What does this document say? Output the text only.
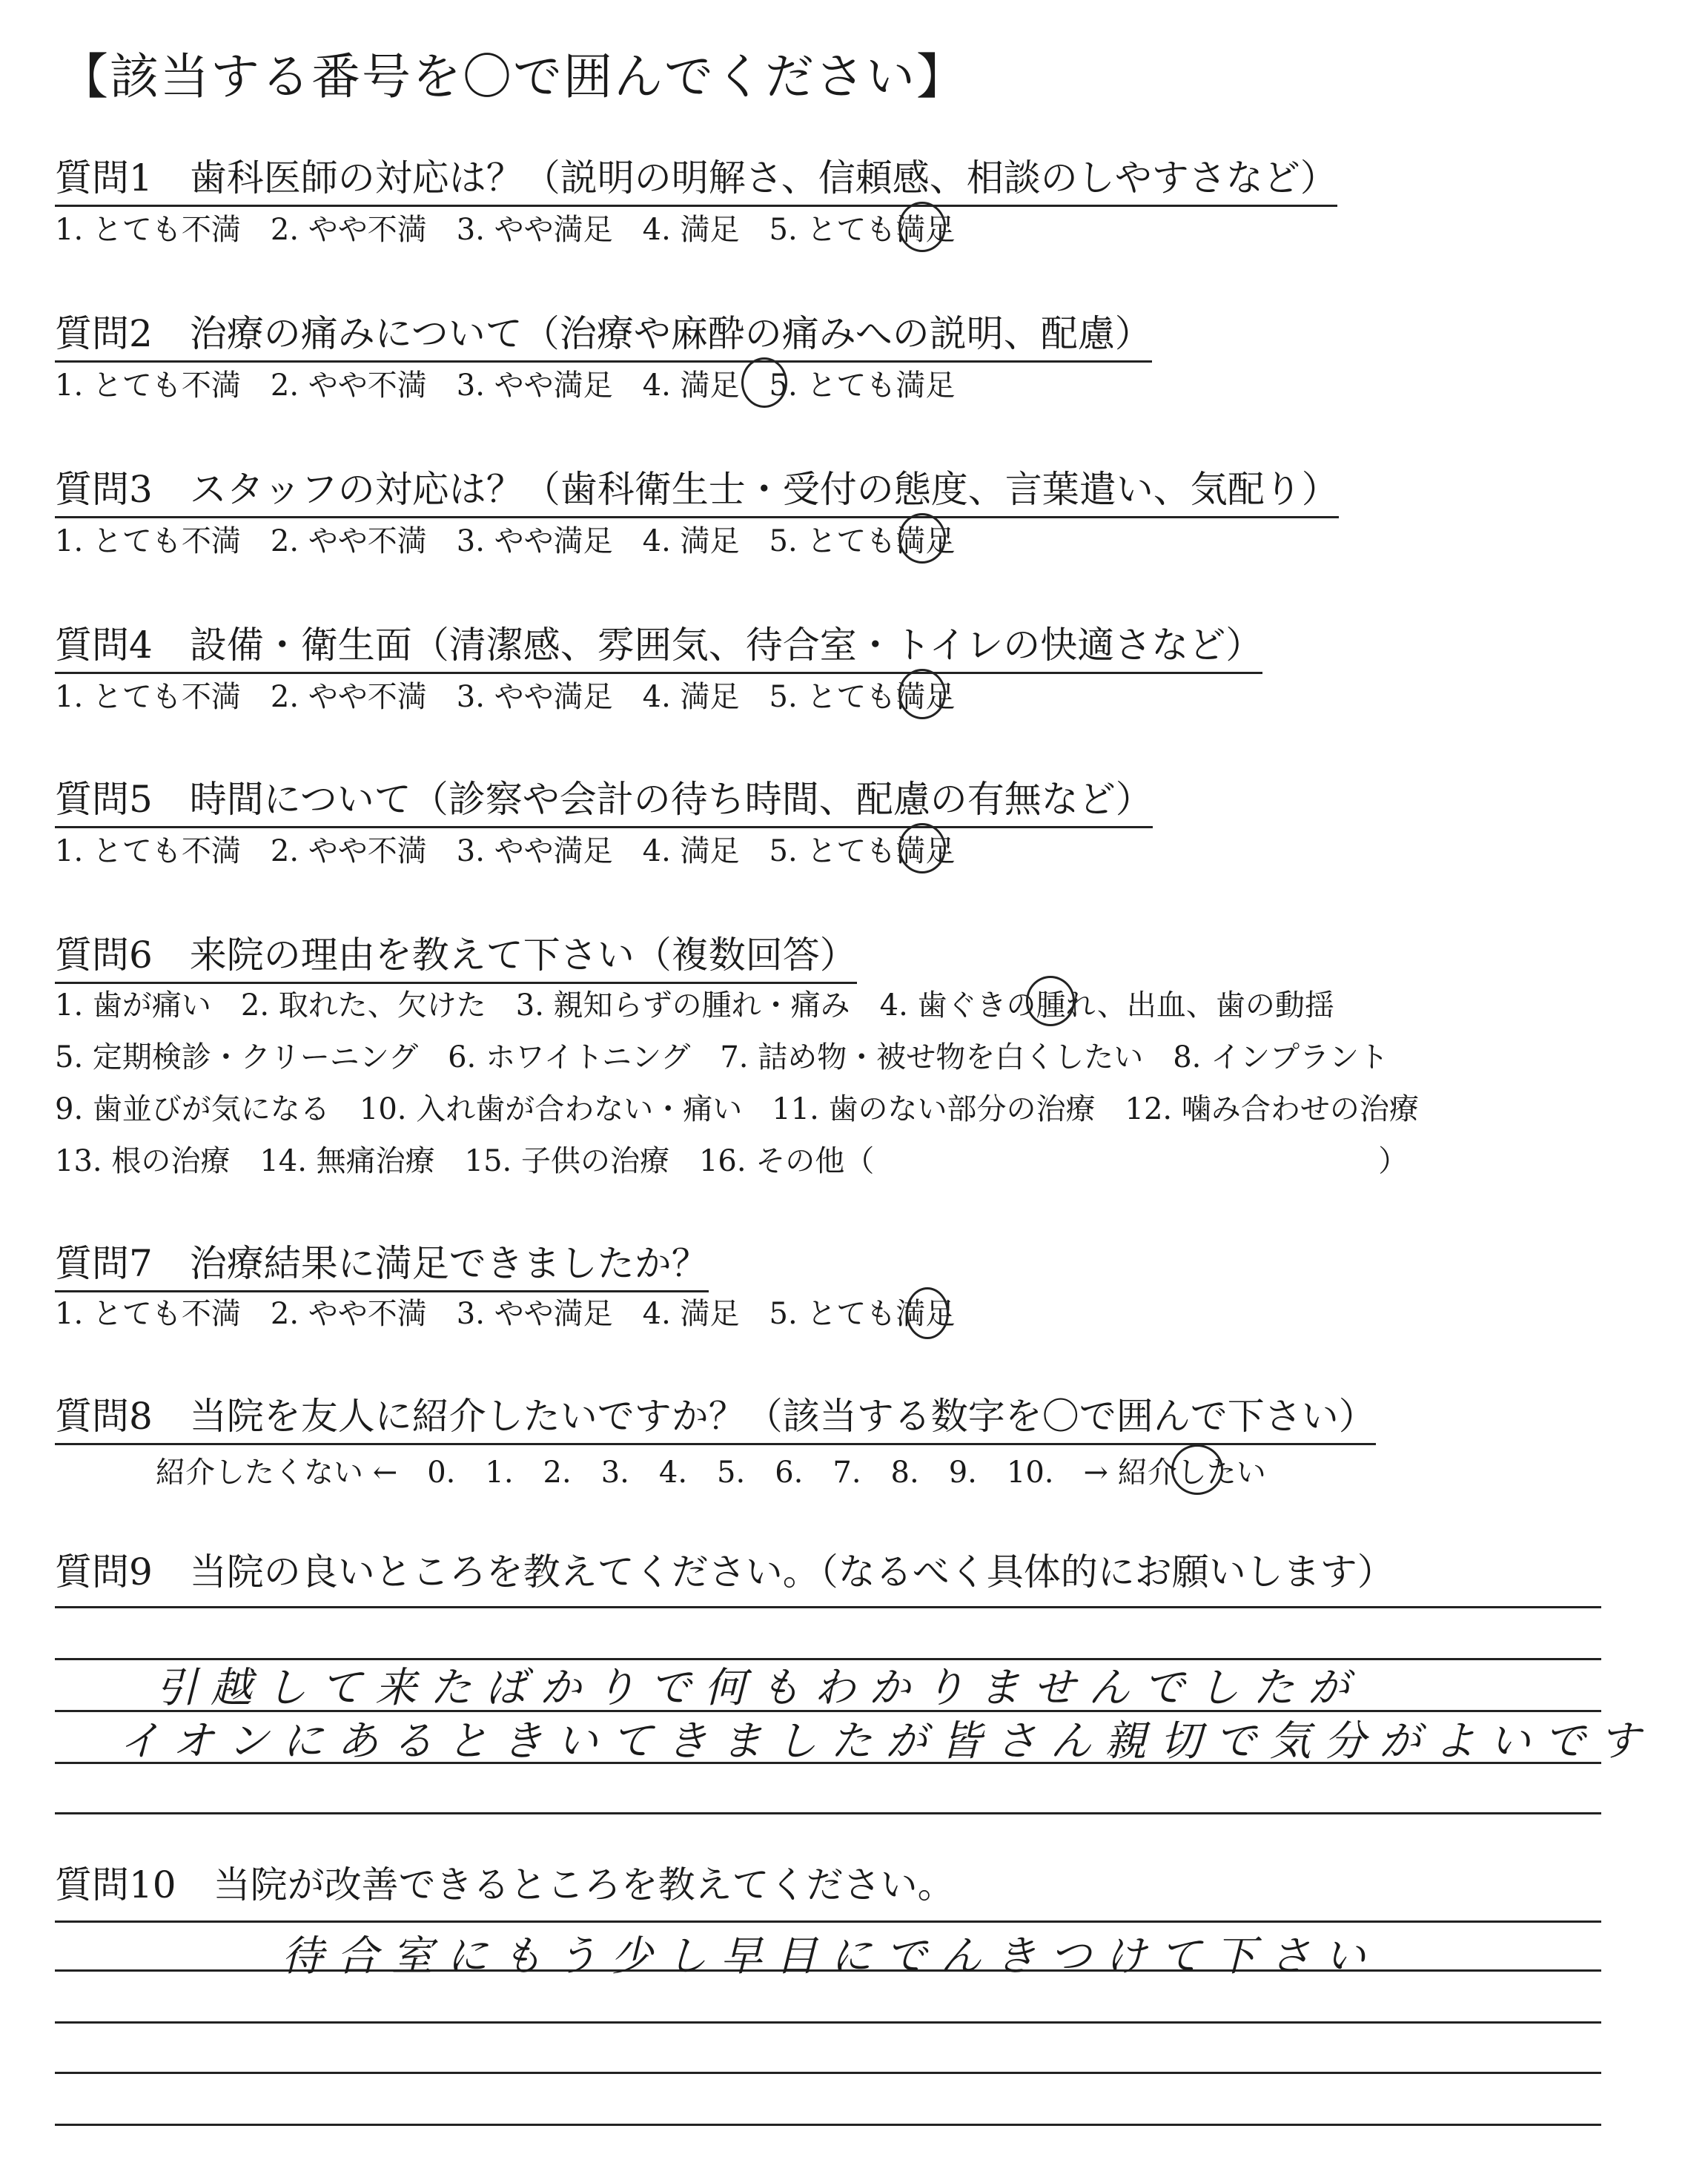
【該当する番号を〇で囲んでください】
質問1　歯科医師の対応は？（説明の明解さ、信頼感、相談のしやすさなど）
1. とても不満　2. やや不満　3. やや満足　4. 満足　5. とても満足
質問2　治療の痛みについて（治療や麻酔の痛みへの説明、配慮）
1. とても不満　2. やや不満　3. やや満足　4. 満足　5. とても満足
質問3　スタッフの対応は？（歯科衛生士・受付の態度、言葉遣い、気配り）
1. とても不満　2. やや不満　3. やや満足　4. 満足　5. とても満足
質問4　設備・衛生面（清潔感、雰囲気、待合室・トイレの快適さなど）
1. とても不満　2. やや不満　3. やや満足　4. 満足　5. とても満足
質問5　時間について（診察や会計の待ち時間、配慮の有無など）
1. とても不満　2. やや不満　3. やや満足　4. 満足　5. とても満足
質問6　来院の理由を教えて下さい（複数回答）
1. 歯が痛い　2. 取れた、欠けた　3. 親知らずの腫れ・痛み　4. 歯ぐきの腫れ、出血、歯の動揺
5. 定期検診・クリーニング　6. ホワイトニング　7. 詰め物・被せ物を白くしたい　8. インプラント
9. 歯並びが気になる　10. 入れ歯が合わない・痛い　11. 歯のない部分の治療　12. 噛み合わせの治療
13. 根の治療　14. 無痛治療　15. 子供の治療　16. その他（　　　　　　　　　　　　　　　　　）
質問7　治療結果に満足できましたか？
1. とても不満　2. やや不満　3. やや満足　4. 満足　5. とても満足
質問8　当院を友人に紹介したいですか？（該当する数字を〇で囲んで下さい）
紹介したくない ←　0.　1.　2.　3.　4.　5.　6.　7.　8.　9.　10.　→ 紹介したい
質問9　当院の良いところを教えてください。（なるべく具体的にお願いします）
引越して来たばかりで何もわかりませんでしたが
イオンにあるときいてきましたが皆さん親切で気分がよいです
質問10　当院が改善できるところを教えてください。
待合室にもう少し早目にでんきつけて下さい
